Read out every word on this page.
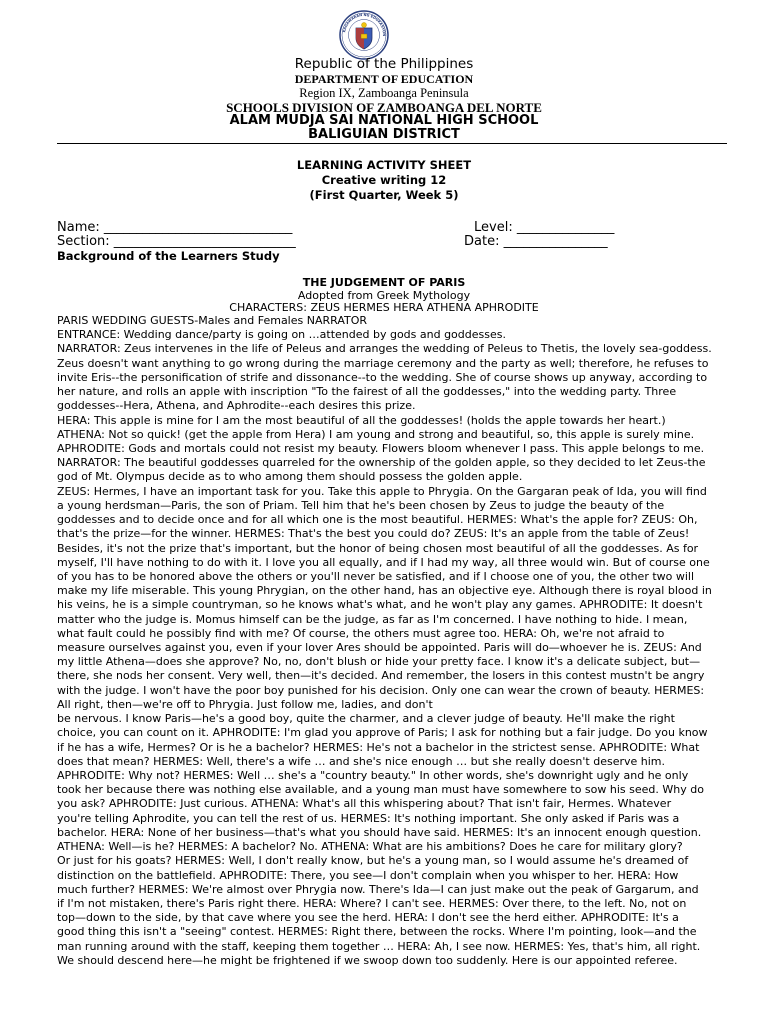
KAGAWARAN NG EDUKASYON
Republic of the Philippines
DEPARTMENT OF EDUCATION
Region IX, Zamboanga Peninsula
SCHOOLS DIVISION OF ZAMBOANGA DEL NORTE
ALAM MUDJA SAI NATIONAL HIGH SCHOOL
BALIGUIAN DISTRICT
LEARNING ACTIVITY SHEET
Creative writing 12
(First Quarter, Week 5)
Name: _____________________________	Level: _______________
Section: ____________________________	Date: ________________
Background of the Learners Study
THE JUDGEMENT OF PARIS
Adopted from Greek Mythology
CHARACTERS: ZEUS HERMES HERA ATHENA APHRODITE
PARIS WEDDING GUESTS-Males and Females NARRATOR
ENTRANCE: Wedding dance/party is going on …attended by gods and goddesses.
NARRATOR: Zeus intervenes in the life of Peleus and arranges the wedding of Peleus to Thetis, the lovely sea-goddess.
Zeus doesn't want anything to go wrong during the marriage ceremony and the party as well; therefore, he refuses to
invite Eris--the personification of strife and dissonance--to the wedding. She of course shows up anyway, according to
her nature, and rolls an apple with inscription "To the fairest of all the goddesses," into the wedding party. Three
goddesses--Hera, Athena, and Aphrodite--each desires this prize.
HERA: This apple is mine for I am the most beautiful of all the goddesses! (holds the apple towards her heart.)
ATHENA: Not so quick! (get the apple from Hera) I am young and strong and beautiful, so, this apple is surely mine.
APHRODITE: Gods and mortals could not resist my beauty. Flowers bloom whenever I pass. This apple belongs to me.
NARRATOR: The beautiful goddesses quarreled for the ownership of the golden apple, so they decided to let Zeus-the
god of Mt. Olympus decide as to who among them should possess the golden apple.
ZEUS: Hermes, I have an important task for you. Take this apple to Phrygia. On the Gargaran peak of Ida, you will find
a young herdsman—Paris, the son of Priam. Tell him that he's been chosen by Zeus to judge the beauty of the
goddesses and to decide once and for all which one is the most beautiful. HERMES: What's the apple for? ZEUS: Oh,
that's the prize—for the winner. HERMES: That's the best you could do? ZEUS: It's an apple from the table of Zeus!
Besides, it's not the prize that's important, but the honor of being chosen most beautiful of all the goddesses. As for
myself, I'll have nothing to do with it. I love you all equally, and if I had my way, all three would win. But of course one
of you has to be honored above the others or you'll never be satisfied, and if I choose one of you, the other two will
make my life miserable. This young Phrygian, on the other hand, has an objective eye. Although there is royal blood in
his veins, he is a simple countryman, so he knows what's what, and he won't play any games. APHRODITE: It doesn't
matter who the judge is. Momus himself can be the judge, as far as I'm concerned. I have nothing to hide. I mean,
what fault could he possibly find with me? Of course, the others must agree too. HERA: Oh, we're not afraid to
measure ourselves against you, even if your lover Ares should be appointed. Paris will do—whoever he is. ZEUS: And
my little Athena—does she approve? No, no, don't blush or hide your pretty face. I know it's a delicate subject, but—
there, she nods her consent. Very well, then—it's decided. And remember, the losers in this contest mustn't be angry
with the judge. I won't have the poor boy punished for his decision. Only one can wear the crown of beauty. HERMES:
All right, then—we're off to Phrygia. Just follow me, ladies, and don't
be nervous. I know Paris—he's a good boy, quite the charmer, and a clever judge of beauty. He'll make the right
choice, you can count on it. APHRODITE: I'm glad you approve of Paris; I ask for nothing but a fair judge. Do you know
if he has a wife, Hermes? Or is he a bachelor? HERMES: He's not a bachelor in the strictest sense. APHRODITE: What
does that mean? HERMES: Well, there's a wife … and she's nice enough … but she really doesn't deserve him.
APHRODITE: Why not? HERMES: Well … she's a "country beauty." In other words, she's downright ugly and he only
took her because there was nothing else available, and a young man must have somewhere to sow his seed. Why do
you ask? APHRODITE: Just curious. ATHENA: What's all this whispering about? That isn't fair, Hermes. Whatever
you're telling Aphrodite, you can tell the rest of us. HERMES: It's nothing important. She only asked if Paris was a
bachelor. HERA: None of her business—that's what you should have said. HERMES: It's an innocent enough question.
ATHENA: Well—is he? HERMES: A bachelor? No. ATHENA: What are his ambitions? Does he care for military glory?
Or just for his goats? HERMES: Well, I don't really know, but he's a young man, so I would assume he's dreamed of
distinction on the battlefield. APHRODITE: There, you see—I don't complain when you whisper to her. HERA: How
much further? HERMES: We're almost over Phrygia now. There's Ida—I can just make out the peak of Gargarum, and
if I'm not mistaken, there's Paris right there. HERA: Where? I can't see. HERMES: Over there, to the left. No, not on
top—down to the side, by that cave where you see the herd. HERA: I don't see the herd either. APHRODITE: It's a
good thing this isn't a "seeing" contest. HERMES: Right there, between the rocks. Where I'm pointing, look—and the
man running around with the staff, keeping them together … HERA: Ah, I see now. HERMES: Yes, that's him, all right.
We should descend here—he might be frightened if we swoop down too suddenly. Here is our appointed referee.
